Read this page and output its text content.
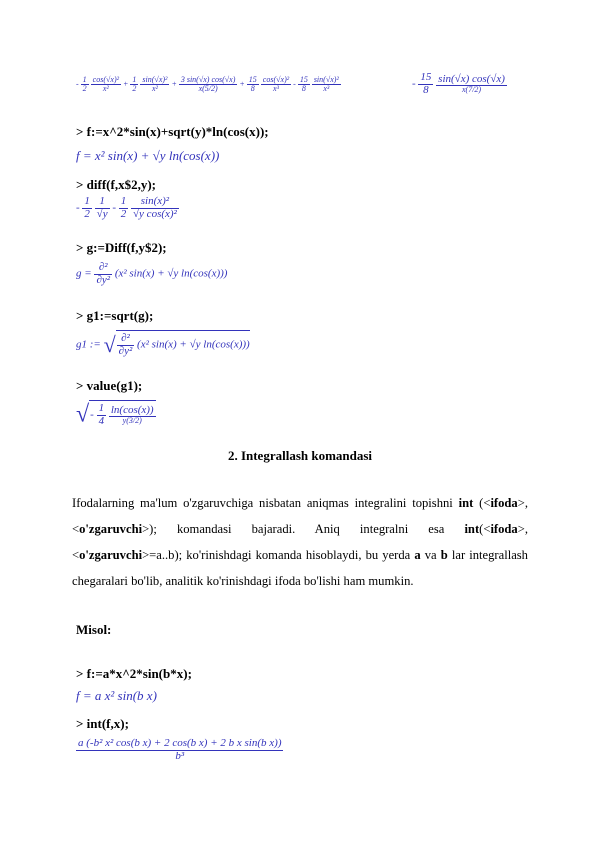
- $\frac{1}{2}$
$\frac{\text{cos(√x)²}}{\text{x²}} + \frac{1}{2}$
$\frac{\text{sin(√x)²}}{\text{x²}} + \frac{3 \sin(√x) \cos(√x)}{x(5/2)} + \frac{15}{8}$
$\frac{\text{cos(√x)²}}{\text{x³}} - \frac{15}{8}$
$\frac{\text{sin(√x)²}}{\text{x³}}$	- $\frac{15}{8}$
$\frac{\sin(√x) \cos(√x)}{x(7/2)}$
> f:=x^2*sin(x)+sqrt(y)*ln(cos(x));
f = x² sin(x) + √y ln(cos(x))
> diff(f,x$2,y);
- $\frac{1}{2}$
$\frac{1}{√y} - \frac{1}{2}$
$\frac{\text{sin(x)²}}{\text{√y cos(x)²}}$
> g:=Diff(f,y$2);
$g = \frac{\text{∂²}}{\text{∂y²}} (x^2$ sin(x) + √y ln(cos(x)))
> g1:=sqrt(g);
g1 := √ $\frac{\text{∂²}}{\text{∂y²}} (x^2$ sin(x) + √y ln(cos(x)))
> value(g1);
√- $\frac{1}{4}$
$\frac{\ln(\cos(x))}{y(3/2)}$
2. Integrallash komandasi
Ifodalarning ma'lum o'zgaruvchiga nisbatan aniqmas integralini topishni int (<ifoda>, <o'zgaruvchi>); komandasi bajaradi. Aniq integralni esa int(<ifoda>, <o'zgaruvchi>=a..b); ko'rinishdagi komanda hisoblaydi, bu yerda a va b lar integrallash chegaralari bo'lib, analitik ko'rinishdagi ifoda bo'lishi ham mumkin.
Misol:
> f:=a*x^2*sin(b*x);
f = a x² sin(b x)
> int(f,x);
$\frac{\text{a (-b² x² cos(b x) + 2 cos(b x) + 2 b x sin(b x))}}{\text{b³}}$
